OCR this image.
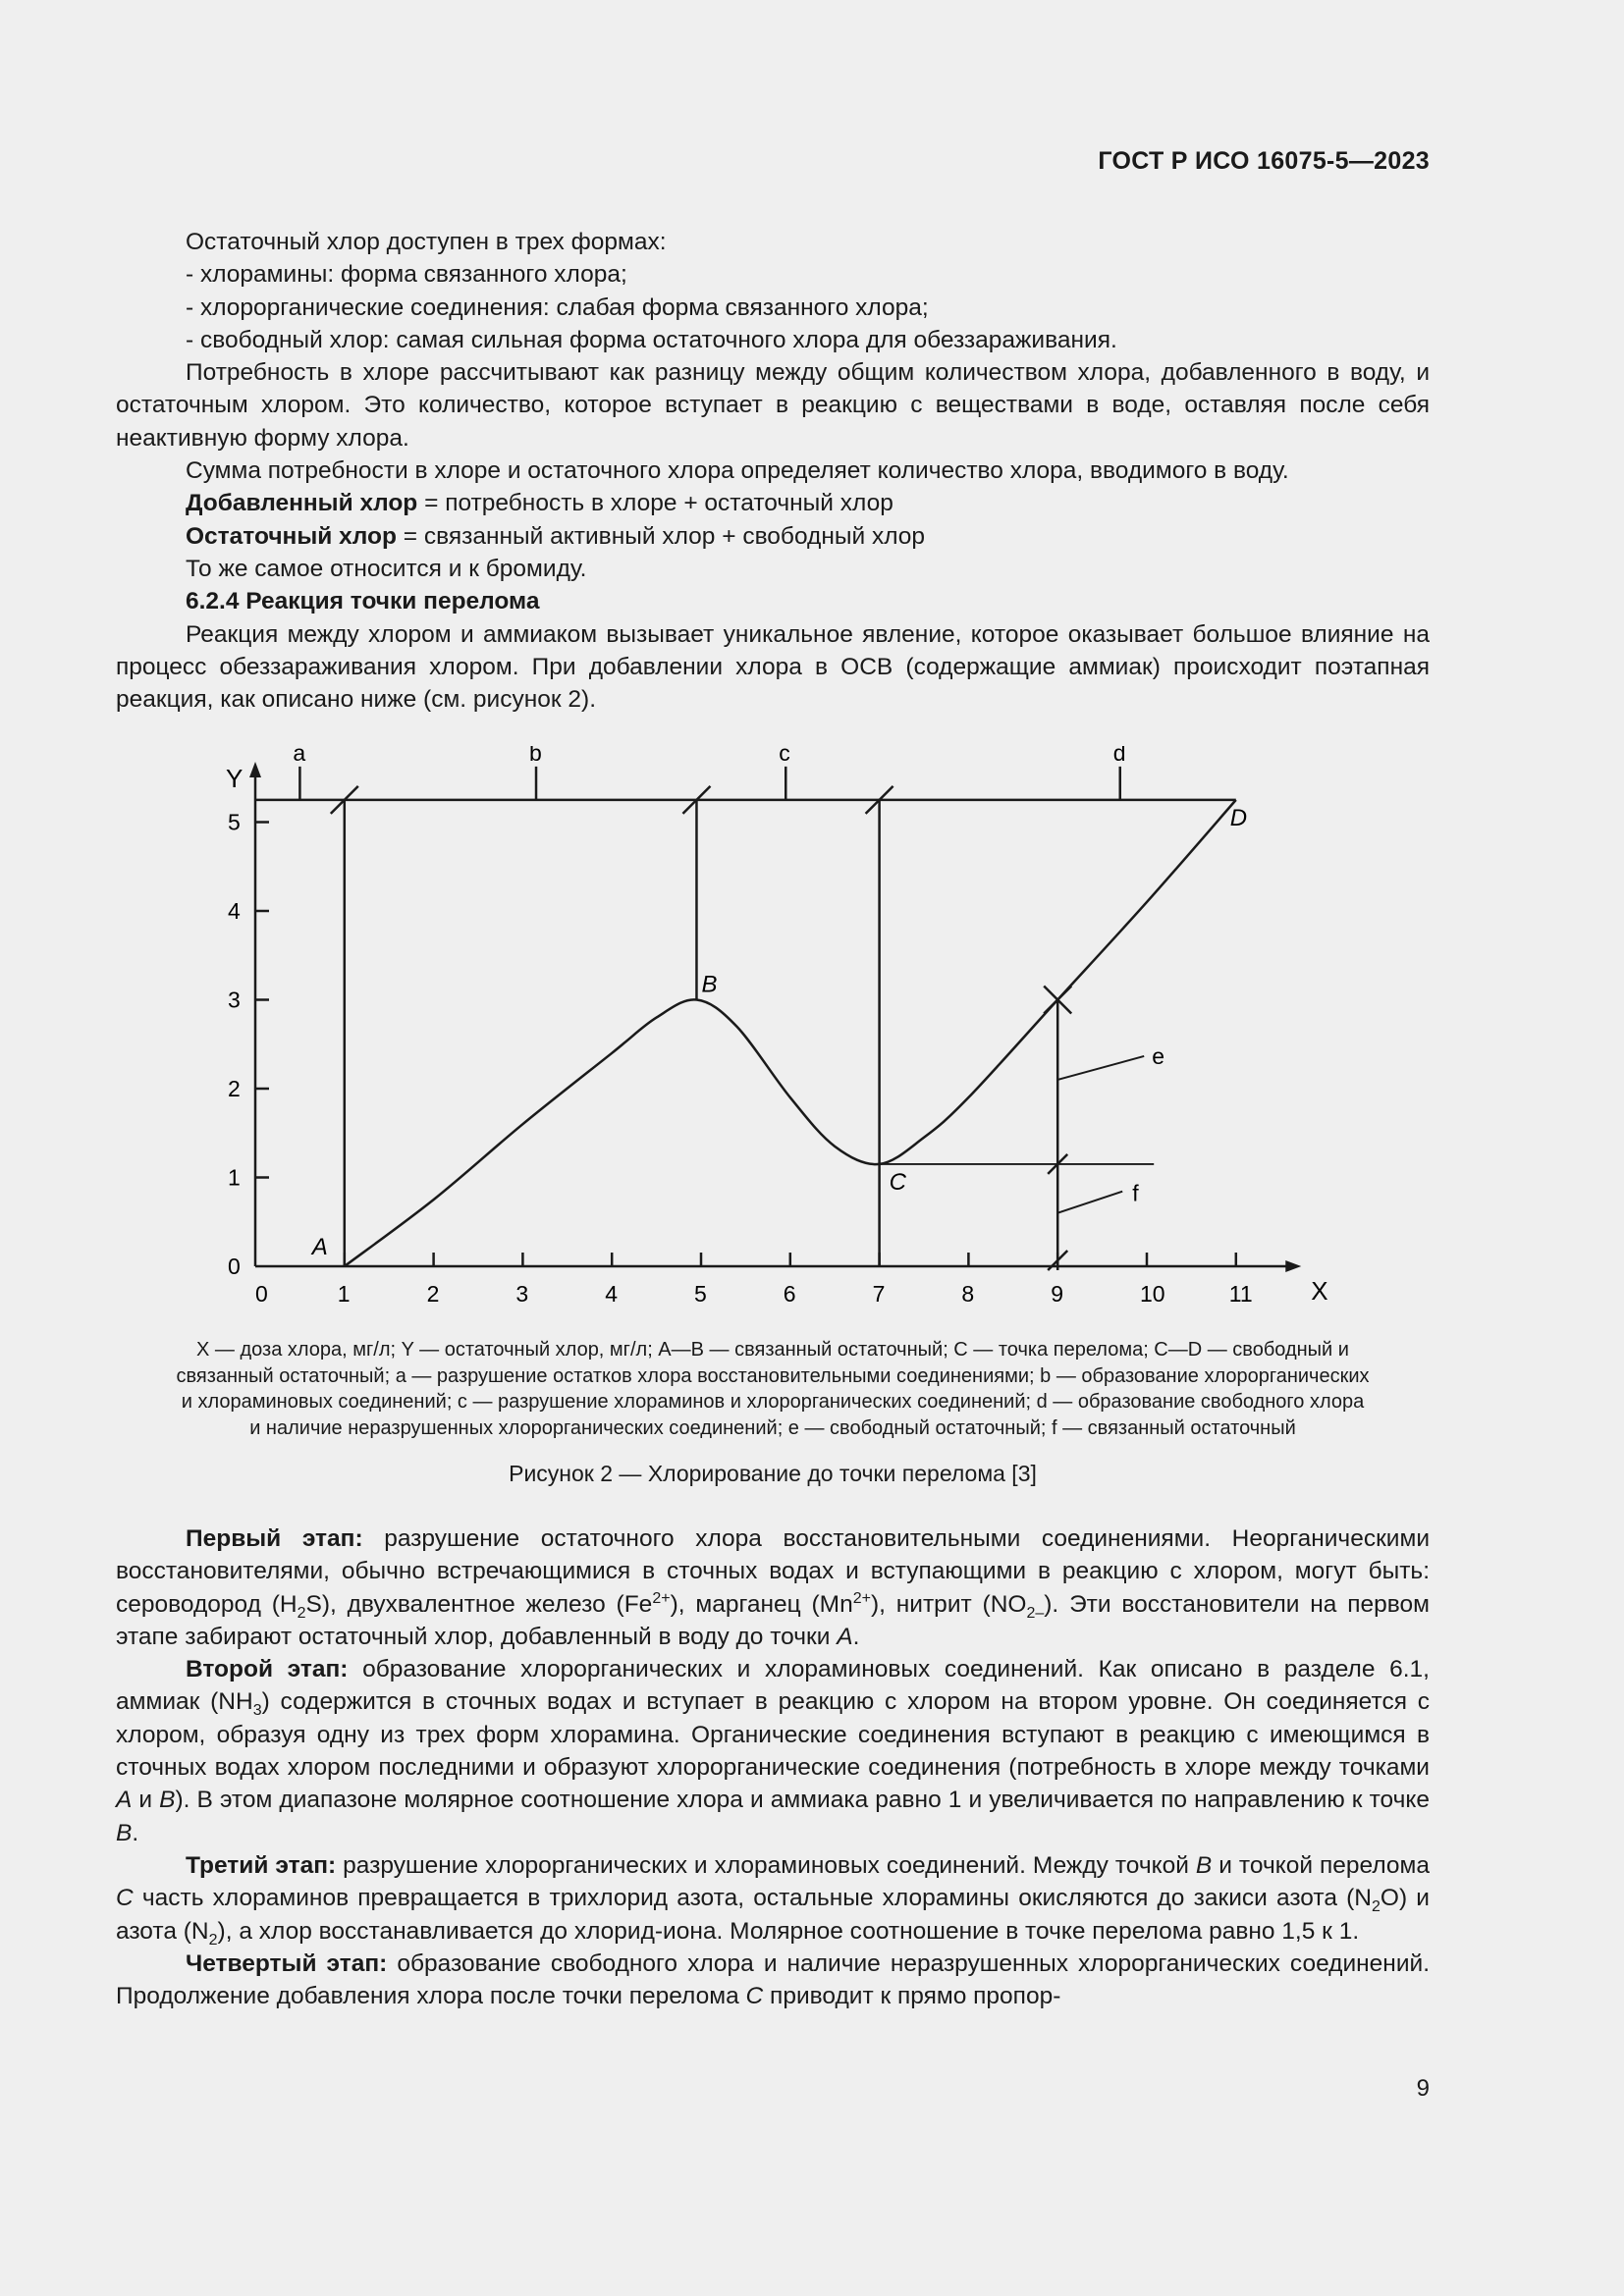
ГОСТ Р ИСО 16075-5—2023

Остаточный хлор доступен в трех формах:

- хлорамины: форма связанного хлора;

- хлорорганические соединения: слабая форма связанного хлора;

- свободный хлор: самая сильная форма остаточного хлора для обеззараживания.

Потребность в хлоре рассчитывают как разницу между общим количеством хлора, добавленного в воду, и остаточным хлором. Это количество, которое вступает в реакцию с веществами в воде, оставляя после себя неактивную форму хлора.

Сумма потребности в хлоре и остаточного хлора определяет количество хлора, вводимого в воду.

Добавленный хлор = потребность в хлоре + остаточный хлор

Остаточный хлор = связанный активный хлор + свободный хлор

То же самое относится и к бромиду.

6.2.4 Реакция точки перелома

Реакция между хлором и аммиаком вызывает уникальное явление, которое оказывает большое влияние на процесс обеззараживания хлором. При добавлении хлора в ОСВ (содержащие аммиак) происходит поэтапная реакция, как описано ниже (см. рисунок 2).

X
Y
0	1	2	3	4	5	6	7	8	9	10	11
0
1
2
3
4
5
a	b	c	d
e
f
A
B
C
D
X — доза хлора, мг/л; Y — остаточный хлор, мг/л; A—B — связанный остаточный; C — точка перелома; C—D — свободный и
связанный остаточный; a — разрушение остатков хлора восстановительными соединениями; b — образование хлорорганических
и хлораминовых соединений; c — разрушение хлораминов и хлорорганических соединений; d — образование свободного хлора
и наличие неразрушенных хлорорганических соединений; e — свободный остаточный; f — связанный остаточный
Рисунок 2 — Хлорирование до точки перелома [3]

Первый этап: разрушение остаточного хлора восстановительными соединениями. Неорганическими восстановителями, обычно встречающимися в сточных водах и вступающими в реакцию с хлором, могут быть: сероводород $(H_2S)$, двухвалентное железо $(Fe^{2+})$, марганец $(Mn^{2+})$, нитрит $(NO_{2-})$. Эти восстановители на первом этапе забирают остаточный хлор, добавленный в воду до точки A.

Второй этап: образование хлорорганических и хлораминовых соединений. Как описано в разделе 6.1, аммиак $(NH_3)$ содержится в сточных водах и вступает в реакцию с хлором на втором уровне. Он соединяется с хлором, образуя одну из трех форм хлорамина. Органические соединения вступают в реакцию с имеющимся в сточных водах хлором последними и образуют хлорорганические соединения (потребность в хлоре между точками A и B). В этом диапазоне молярное соотношение хлора и аммиака равно 1 и увеличивается по направлению к точке B.

Третий этап: разрушение хлорорганических и хлораминовых соединений. Между точкой B и точкой перелома C часть хлораминов превращается в трихлорид азота, остальные хлорамины окисляются до закиси азота $(N_2O)$ и азота $(N_2)$, а хлор восстанавливается до хлорид-иона. Молярное соотношение в точке перелома равно 1,5 к 1.

Четвертый этап: образование свободного хлора и наличие неразрушенных хлорорганических соединений. Продолжение добавления хлора после точки перелома C приводит к прямо пропор-

9
